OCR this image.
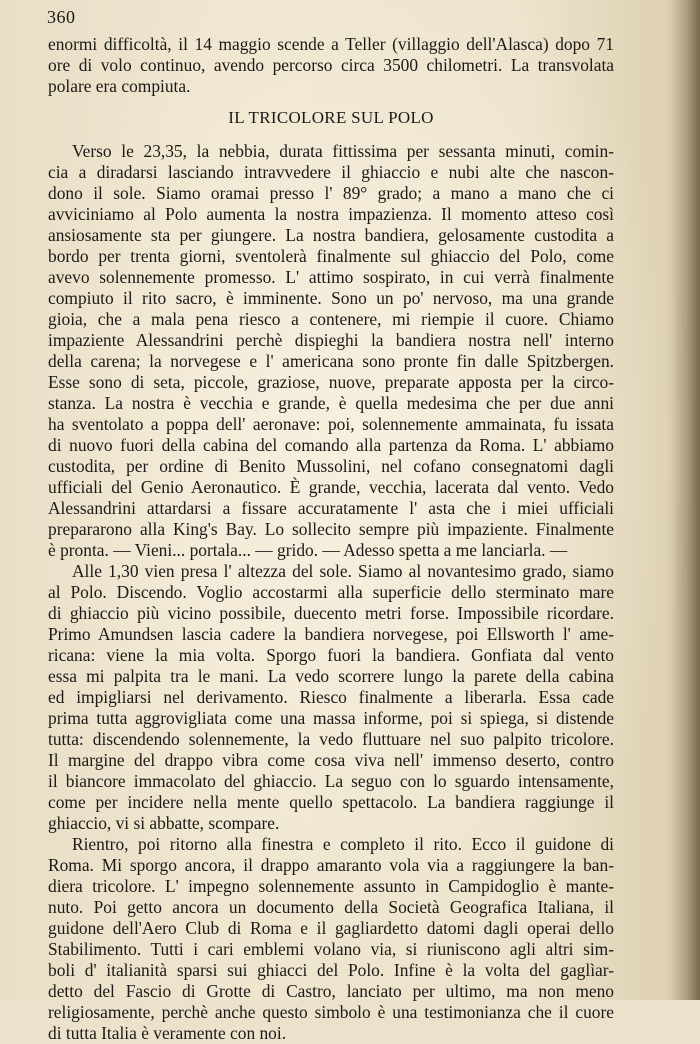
360
enormi difficoltà, il 14 maggio scende a Teller (villaggio dell'Alasca) dopo 71
ore di volo continuo, avendo percorso circa 3500 chilometri. La transvolata
polare era compiuta.
IL TRICOLORE SUL POLO
Verso le 23,35, la nebbia, durata fittissima per sessanta minuti, comin-
cia a diradarsi lasciando intravvedere il ghiaccio e nubi alte che nascon-
dono il sole. Siamo oramai presso l' 89° grado; a mano a mano che ci
avviciniamo al Polo aumenta la nostra impazienza. Il momento atteso così
ansiosamente sta per giungere. La nostra bandiera, gelosamente custodita a
bordo per trenta giorni, sventolerà finalmente sul ghiaccio del Polo, come
avevo solennemente promesso. L' attimo sospirato, in cui verrà finalmente
compiuto il rito sacro, è imminente. Sono un po' nervoso, ma una grande
gioia, che a mala pena riesco a contenere, mi riempie il cuore. Chiamo
impaziente Alessandrini perchè dispieghi la bandiera nostra nell' interno
della carena; la norvegese e l' americana sono pronte fin dalle Spitzbergen.
Esse sono di seta, piccole, graziose, nuove, preparate apposta per la circo-
stanza. La nostra è vecchia e grande, è quella medesima che per due anni
ha sventolato a poppa dell' aeronave: poi, solennemente ammainata, fu issata
di nuovo fuori della cabina del comando alla partenza da Roma. L' abbiamo
custodita, per ordine di Benito Mussolini, nel cofano consegnatomi dagli
ufficiali del Genio Aeronautico. È grande, vecchia, lacerata dal vento. Vedo
Alessandrini attardarsi a fissare accuratamente l' asta che i miei ufficiali
prepararono alla King's Bay. Lo sollecito sempre più impaziente. Finalmente
è pronta. — Vieni... portala... — grido. — Adesso spetta a me lanciarla. —
Alle 1,30 vien presa l' altezza del sole. Siamo al novantesimo grado, siamo
al Polo. Discendo. Voglio accostarmi alla superficie dello sterminato mare
di ghiaccio più vicino possibile, duecento metri forse. Impossibile ricordare.
Primo Amundsen lascia cadere la bandiera norvegese, poi Ellsworth l' ame-
ricana: viene la mia volta. Sporgo fuori la bandiera. Gonfiata dal vento
essa mi palpita tra le mani. La vedo scorrere lungo la parete della cabina
ed impigliarsi nel derivamento. Riesco finalmente a liberarla. Essa cade
prima tutta aggrovigliata come una massa informe, poi si spiega, si distende
tutta: discendendo solennemente, la vedo fluttuare nel suo palpito tricolore.
Il margine del drappo vibra come cosa viva nell' immenso deserto, contro
il biancore immacolato del ghiaccio. La seguo con lo sguardo intensamente,
come per incidere nella mente quello spettacolo. La bandiera raggiunge il
ghiaccio, vi si abbatte, scompare.
Rientro, poi ritorno alla finestra e completo il rito. Ecco il guidone di
Roma. Mi sporgo ancora, il drappo amaranto vola via a raggiungere la ban-
diera tricolore. L' impegno solennemente assunto in Campidoglio è mante-
nuto. Poi getto ancora un documento della Società Geografica Italiana, il
guidone dell'Aero Club di Roma e il gagliardetto datomi dagli operai dello
Stabilimento. Tutti i cari emblemi volano via, si riuniscono agli altri sim-
boli d' italianità sparsi sui ghiacci del Polo. Infine è la volta del gaglìar-
detto del Fascio di Grotte di Castro, lanciato per ultimo, ma non meno
religiosamente, perchè anche questo simbolo è una testimonianza che il cuore
di tutta Italia è veramente con noi.
